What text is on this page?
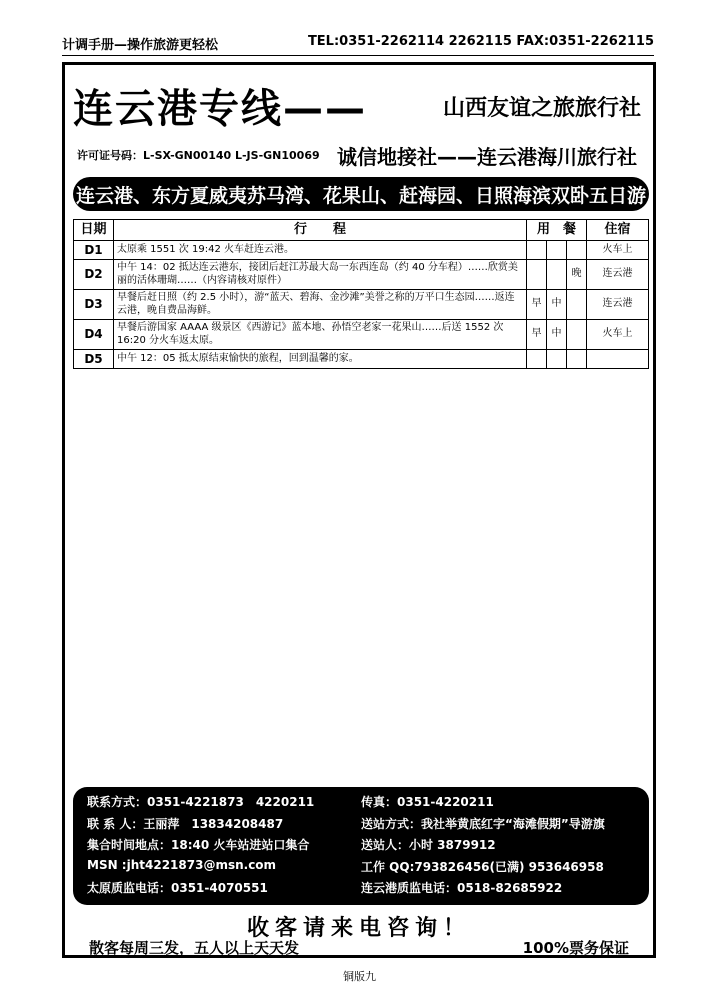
计调手册—操作旅游更轻松	TEL:0351-2262114 2262115 FAX:0351-2262115
连云港专线——	山西友谊之旅旅行社
许可证号码：L-SX-GN00140 L-JS-GN10069 诚信地接社——连云港海川旅行社
连云港、东方夏威夷苏马湾、花果山、赶海园、日照海滨双卧五日游
日期	行　　程	用　餐			住宿
D1	太原乘 1551 次 19:42 火车赶连云港。				火车上
D2	中午 14：02 抵达连云港东，接团后赶江苏最大岛一东西连岛（约 40 分车程）……欣赏美丽的活体珊瑚……（内容请核对原件）			晚	连云港
D3	早餐后赶日照（约 2.5 小时），游“蓝天、碧海、金沙滩”美誉之称的万平口生态园……返连云港，晚自费品海鲜。	早	中		连云港
D4	早餐后游国家 AAAA 级景区《西游记》蓝本地、孙悟空老家一花果山……后送 1552 次 16:20 分火车返太原。	早	中		火车上
D5	中午 12：05 抵太原结束愉快的旅程，回到温馨的家。				
联系方式：0351-4221873　4220211	传真：0351-4220211
联 系 人：王丽萍　13834208487	送站方式：我社举黄底红字“海滩假期”导游旗
集合时间地点：18:40 火车站进站口集合	送站人：小时 3879912
MSN :jht4221873@msn.com	工作 QQ:793826456(已满) 953646958
太原质监电话：0351-4070551	连云港质监电话：0518-82685922
收客请来电咨询！
散客每周三发，五人以上天天发	100%票务保证
铜版九
